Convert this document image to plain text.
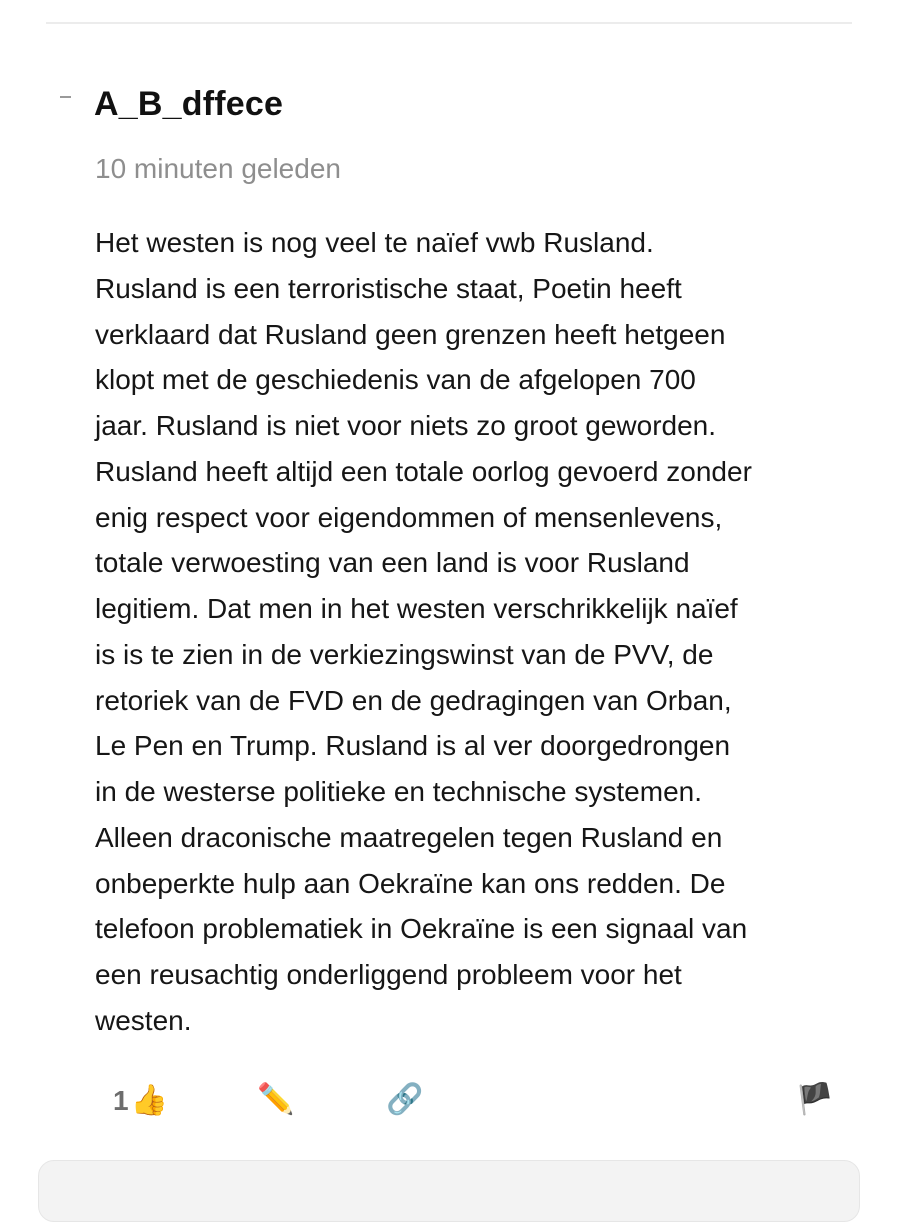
A_B_dffece
10 minuten geleden
Het westen is nog veel te naïef vwb Rusland.
Rusland is een terroristische staat, Poetin heeft
verklaard dat Rusland geen grenzen heeft hetgeen
klopt met de geschiedenis van de afgelopen 700
jaar. Rusland is niet voor niets zo groot geworden.
Rusland heeft altijd een totale oorlog gevoerd zonder
enig respect voor eigendommen of mensenlevens,
totale verwoesting van een land is voor Rusland
legitiem. Dat men in het westen verschrikkelijk naïef
is is te zien in de verkiezingswinst van de PVV, de
retoriek van de FVD en de gedragingen van Orban,
Le Pen en Trump. Rusland is al ver doorgedrongen
in de westerse politieke en technische systemen.
Alleen draconische maatregelen tegen Rusland en
onbeperkte hulp aan Oekraïne kan ons redden. De
telefoon problematiek in Oekraïne is een signaal van
een reusachtig onderliggend probleem voor het
westen.
1 👍	✏️	🔗	🏴
